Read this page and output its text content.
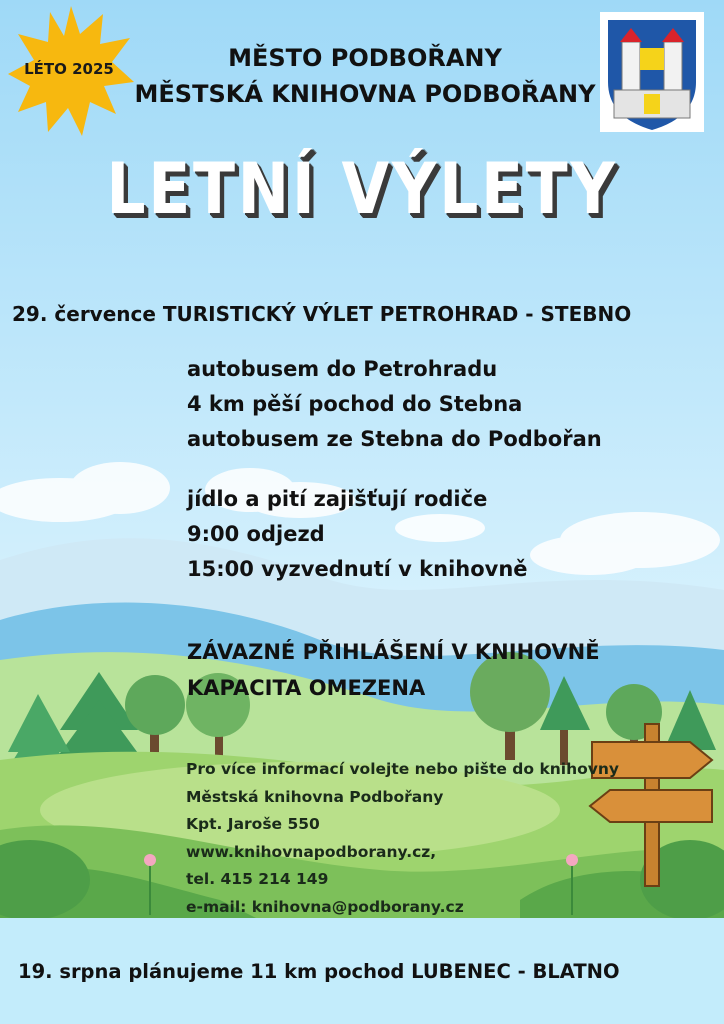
LÉTO 2025	MĚSTO PODBOŘANY
MĚSTSKÁ KNIHOVNA PODBOŘANY
LETNÍ VÝLETY
29. července TURISTICKÝ VÝLET PETROHRAD - STEBNO
autobusem do Petrohradu
4 km pěší pochod do Stebna
autobusem ze Stebna do Podbořan
jídlo a pití zajišťují rodiče
9:00 odjezd
15:00 vyzvednutí v knihovně
ZÁVAZNÉ PŘIHLÁŠENÍ V KNIHOVNĚ
KAPACITA OMEZENA
Pro více informací volejte nebo pište do knihovny
Městská knihovna Podbořany
Kpt. Jaroše 550
www.knihovnapodborany.cz,
tel. 415 214 149
e-mail: knihovna@podborany.cz
19. srpna plánujeme 11 km pochod LUBENEC - BLATNO
